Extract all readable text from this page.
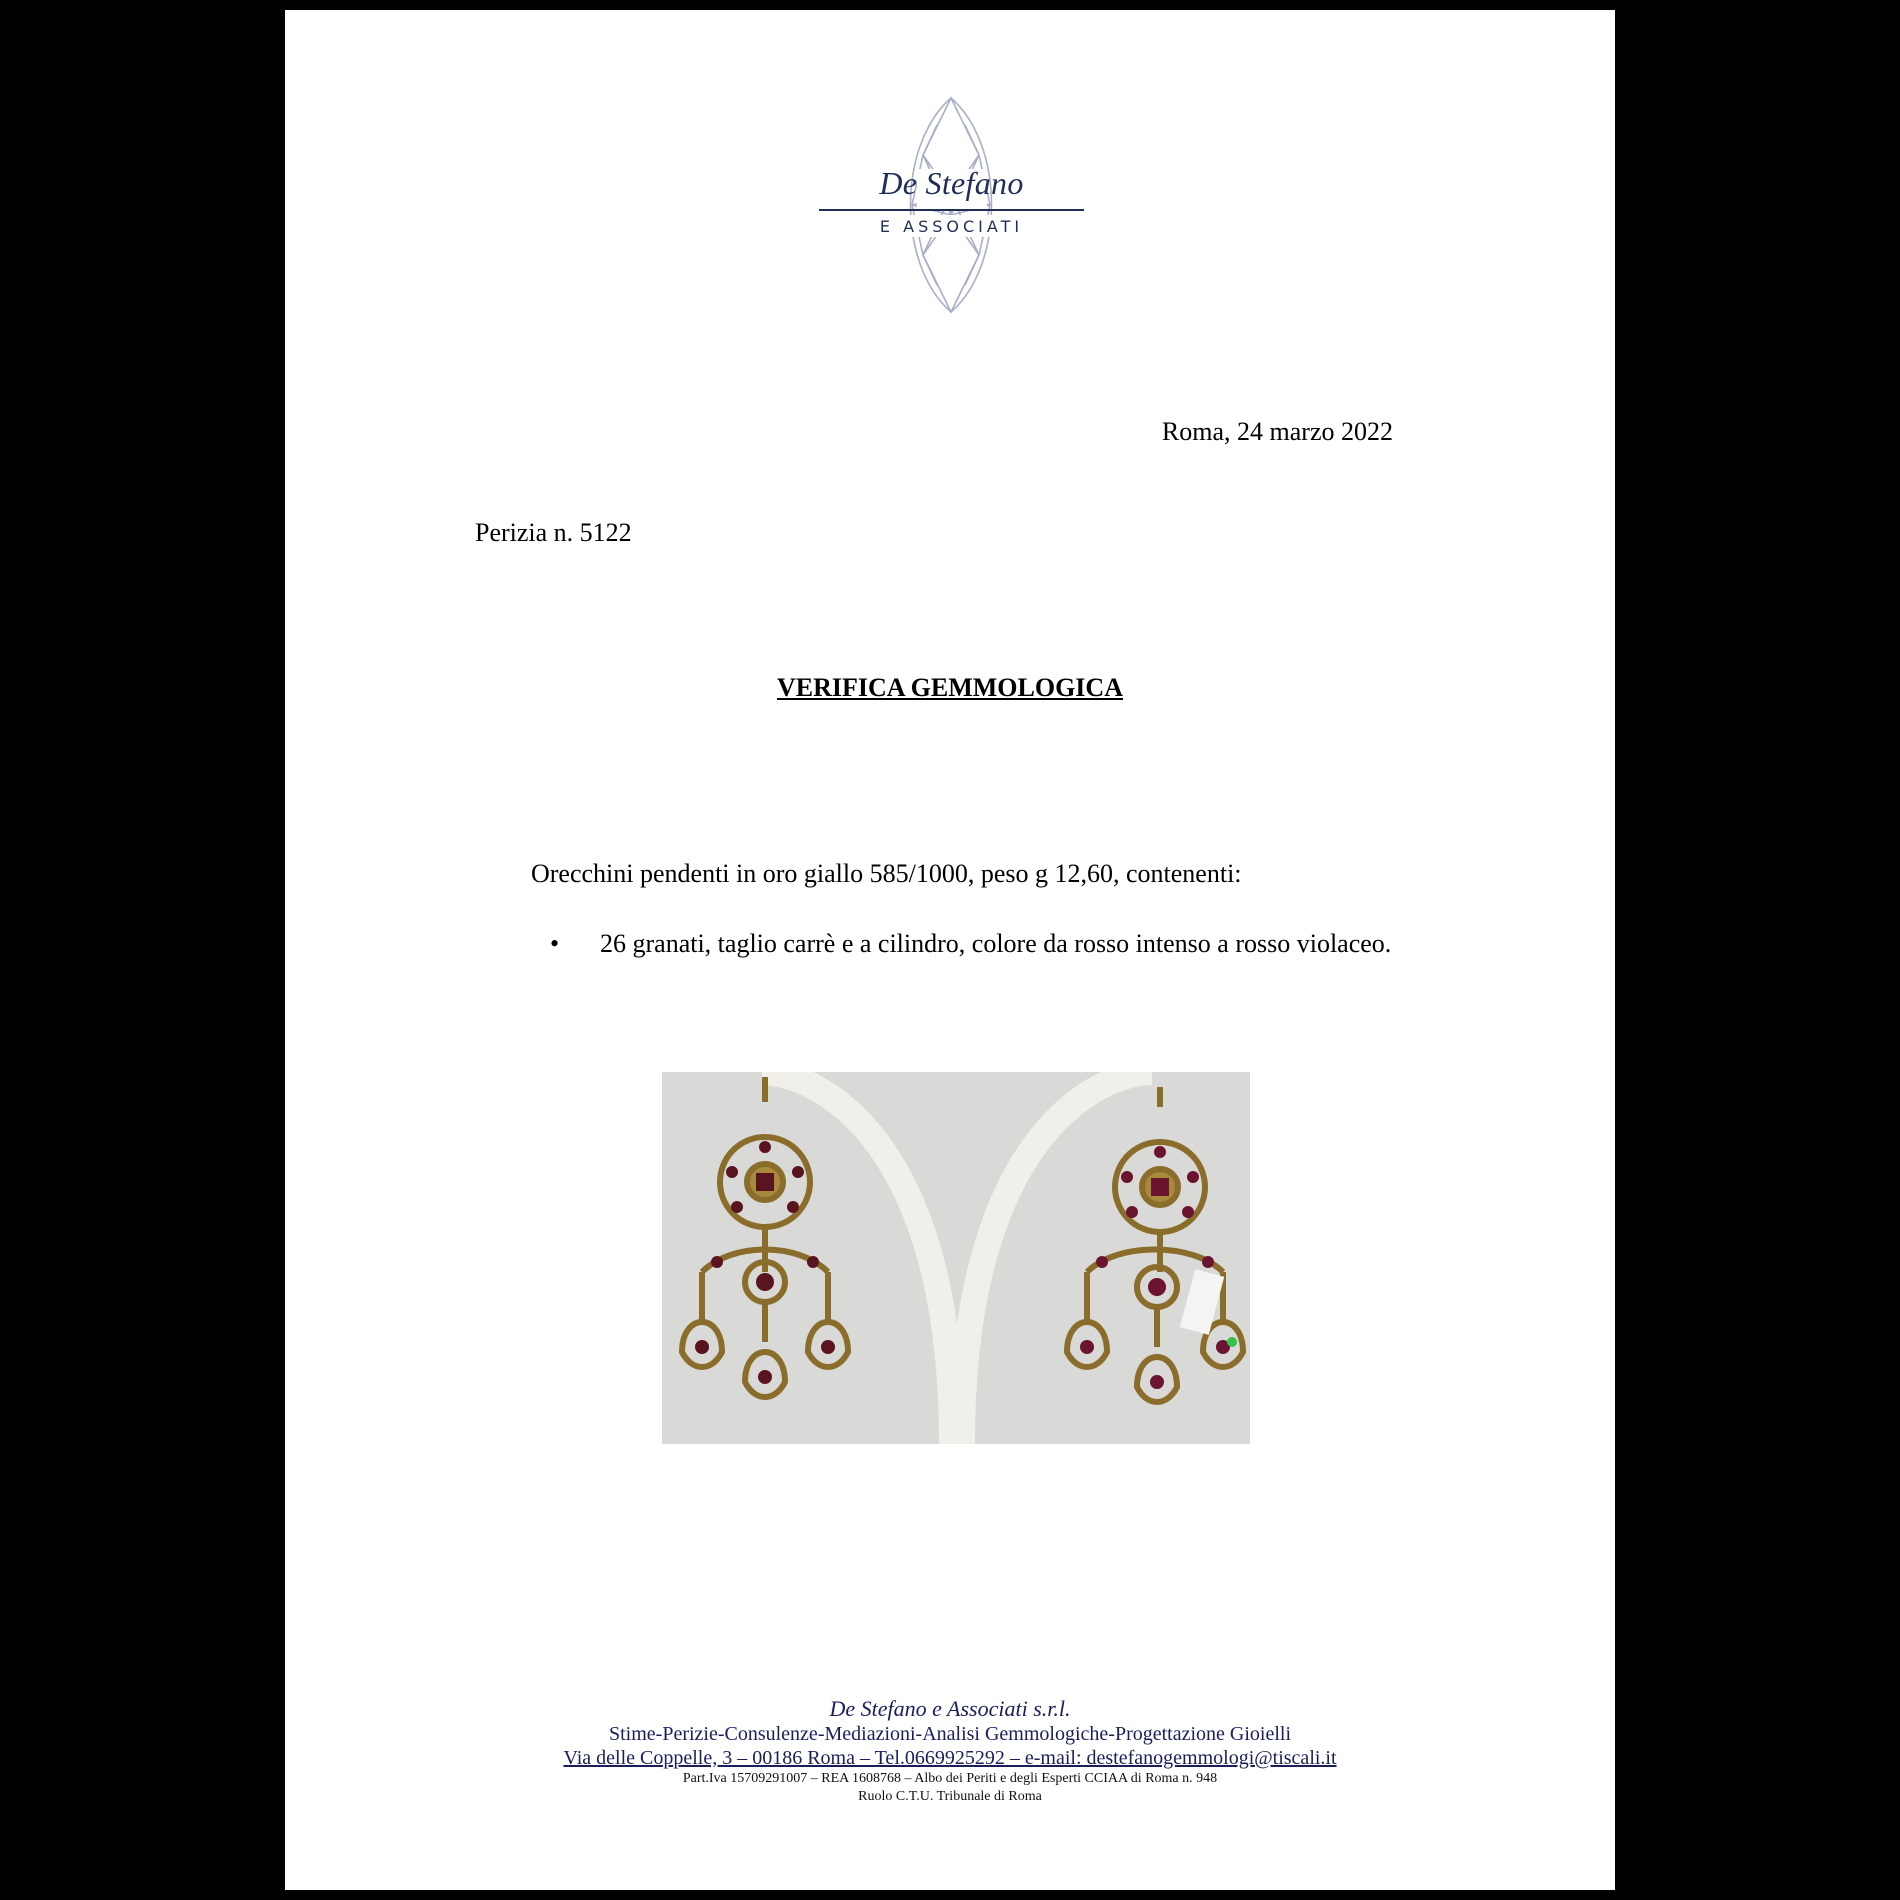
De Stefano
E ASSOCIATI
Roma, 24 marzo 2022
Perizia n. 5122
VERIFICA GEMMOLOGICA
Orecchini pendenti in oro giallo 585/1000, peso g 12,60, contenenti:
•	26 granati, taglio carrè e a cilindro, colore da rosso intenso a rosso violaceo.
De Stefano e Associati s.r.l.
Stime-Perizie-Consulenze-Mediazioni-Analisi Gemmologiche-Progettazione Gioielli
Via delle Coppelle, 3 – 00186 Roma – Tel.0669925292 – e-mail: destefanogemmologi@tiscali.it
Part.Iva 15709291007 – REA 1608768 – Albo dei Periti e degli Esperti CCIAA di Roma n. 948
Ruolo C.T.U. Tribunale di Roma
